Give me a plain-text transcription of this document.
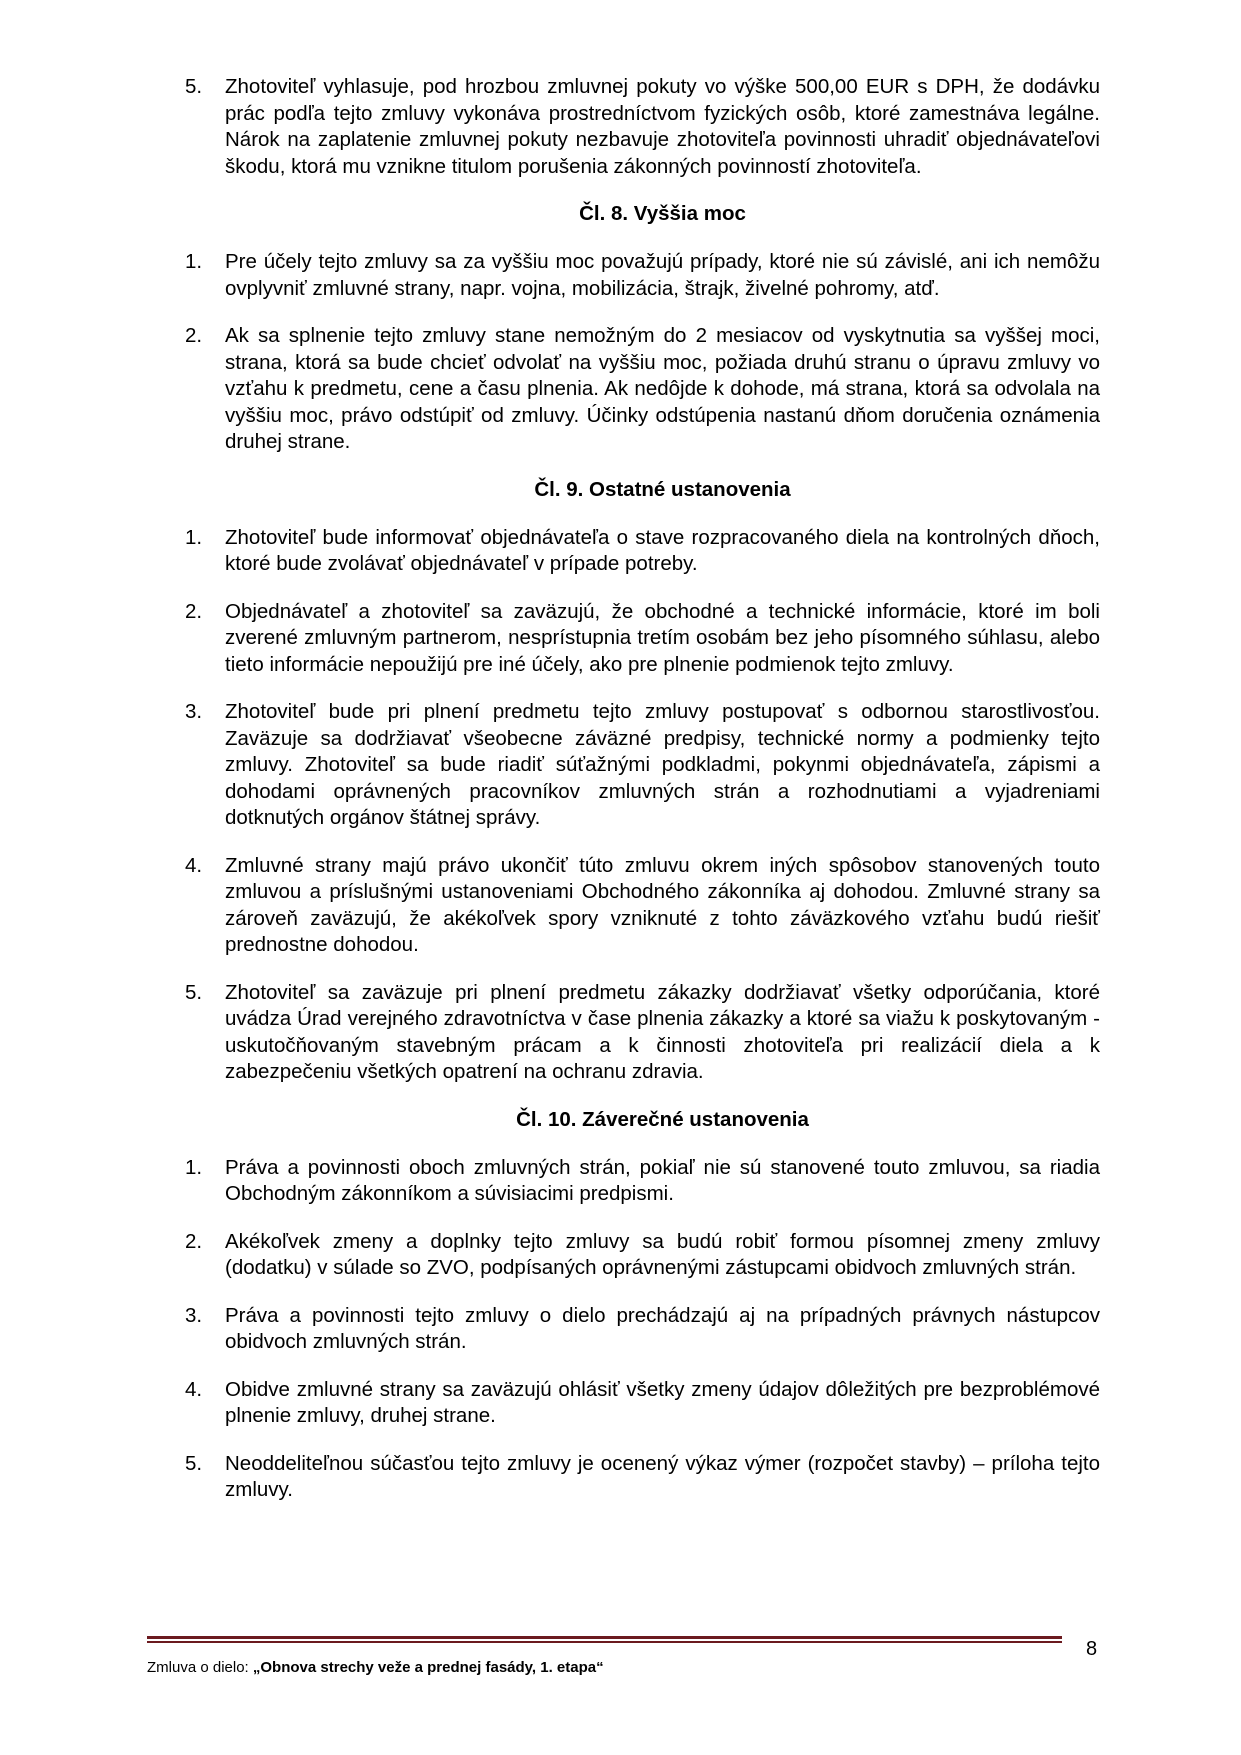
5. Zhotoviteľ vyhlasuje, pod hrozbou zmluvnej pokuty vo výške 500,00 EUR s DPH, že dodávku prác podľa tejto zmluvy vykonáva prostredníctvom fyzických osôb, ktoré zamestnáva legálne. Nárok na zaplatenie zmluvnej pokuty nezbavuje zhotoviteľa povinnosti uhradiť objednávateľovi škodu, ktorá mu vznikne titulom porušenia zákonných povinností zhotoviteľa.
Čl. 8. Vyššia moc
1. Pre účely tejto zmluvy sa za vyššiu moc považujú prípady, ktoré nie sú závislé, ani ich nemôžu ovplyvniť zmluvné strany, napr. vojna, mobilizácia, štrajk, živelné pohromy, atď.
2. Ak sa splnenie tejto zmluvy stane nemožným do 2 mesiacov od vyskytnutia sa vyššej moci, strana, ktorá sa bude chcieť odvolať na vyššiu moc, požiada druhú stranu o úpravu zmluvy vo vzťahu k predmetu, cene a času plnenia. Ak nedôjde k dohode, má strana, ktorá sa odvolala na vyššiu moc, právo odstúpiť od zmluvy. Účinky odstúpenia nastanú dňom doručenia oznámenia druhej strane.
Čl. 9. Ostatné ustanovenia
1. Zhotoviteľ bude informovať objednávateľa o stave rozpracovaného diela na kontrolných dňoch, ktoré bude zvolávať objednávateľ v prípade potreby.
2. Objednávateľ a zhotoviteľ sa zaväzujú, že obchodné a technické informácie, ktoré im boli zverené zmluvným partnerom, nesprístupnia tretím osobám bez jeho písomného súhlasu, alebo tieto informácie nepoužijú pre iné účely, ako pre plnenie podmienok tejto zmluvy.
3. Zhotoviteľ bude pri plnení predmetu tejto zmluvy postupovať s odbornou starostlivosťou. Zaväzuje sa dodržiavať všeobecne záväzné predpisy, technické normy a podmienky tejto zmluvy. Zhotoviteľ sa bude riadiť súťažnými podkladmi, pokynmi objednávateľa, zápismi a dohodami oprávnených pracovníkov zmluvných strán a rozhodnutiami a vyjadreniami dotknutých orgánov štátnej správy.
4. Zmluvné strany majú právo ukončiť túto zmluvu okrem iných spôsobov stanovených touto zmluvou a príslušnými ustanoveniami Obchodného zákonníka aj dohodou. Zmluvné strany sa zároveň zaväzujú, že akékoľvek spory vzniknuté z tohto záväzkového vzťahu budú riešiť prednostne dohodou.
5. Zhotoviteľ sa zaväzuje pri plnení predmetu zákazky dodržiavať všetky odporúčania, ktoré uvádza Úrad verejného zdravotníctva v čase plnenia zákazky a ktoré sa viažu k poskytovaným - uskutočňovaným stavebným prácam a k činnosti zhotoviteľa pri realizácií diela a k zabezpečeniu všetkých opatrení na ochranu zdravia.
Čl. 10. Záverečné ustanovenia
1. Práva a povinnosti oboch zmluvných strán, pokiaľ nie sú stanovené touto zmluvou, sa riadia Obchodným zákonníkom a súvisiacimi predpismi.
2. Akékoľvek zmeny a doplnky tejto zmluvy sa budú robiť formou písomnej zmeny zmluvy (dodatku) v súlade so ZVO, podpísaných oprávnenými zástupcami obidvoch zmluvných strán.
3. Práva a povinnosti tejto zmluvy o dielo prechádzajú aj na prípadných právnych nástupcov obidvoch zmluvných strán.
4. Obidve zmluvné strany sa zaväzujú ohlásiť všetky zmeny údajov dôležitých pre bezproblémové plnenie zmluvy, druhej strane.
5. Neoddeliteľnou súčasťou tejto zmluvy je ocenený výkaz výmer (rozpočet stavby) – príloha tejto zmluvy.
Zmluva o dielo: „Obnova strechy veže a prednej fasády, 1. etapa“
8
